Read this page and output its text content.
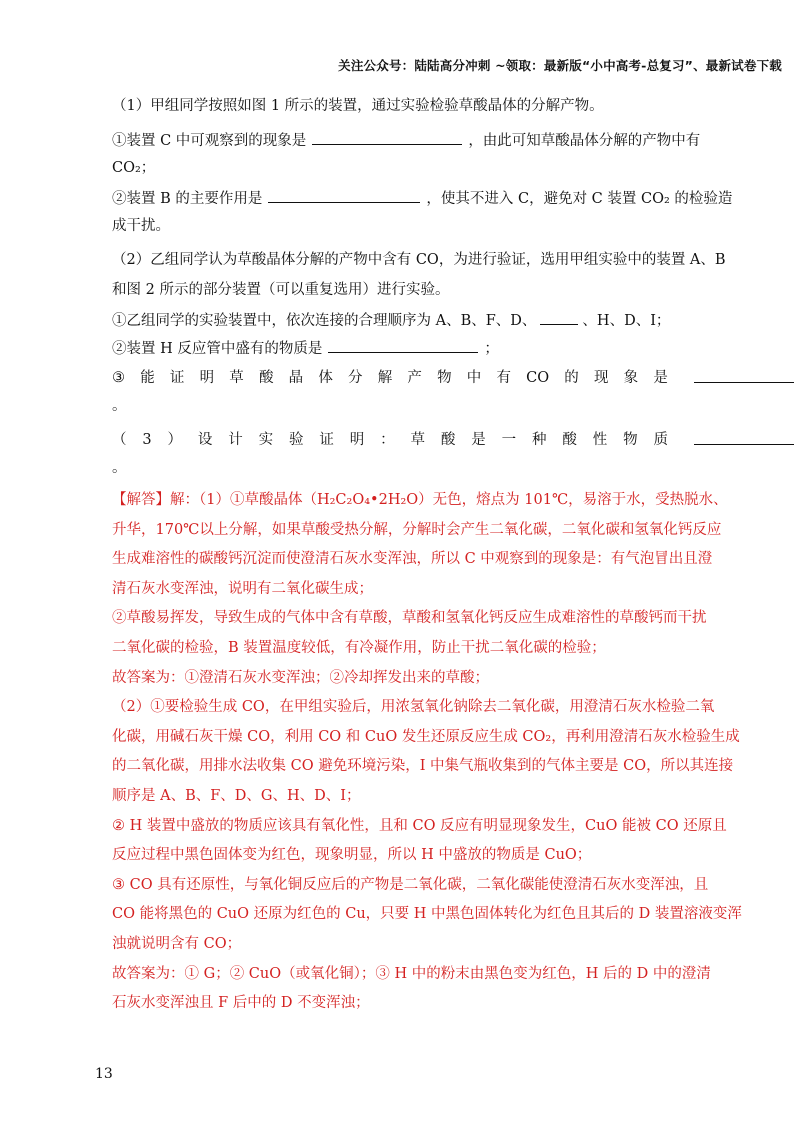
关注公众号：陆陆高分冲刺 ~领取：最新版“小中高考-总复习”、最新试卷下载
（1）甲组同学按照如图 1 所示的装置，通过实验检验草酸晶体的分解产物。
①装置 C 中可观察到的现象是	，由此可知草酸晶体分解的产物中有
CO₂；
②装置 B 的主要作用是	，使其不进入 C，避免对 C 装置 CO₂ 的检验造
成干扰。
（2）乙组同学认为草酸晶体分解的产物中含有 CO，为进行验证，选用甲组实验中的装置 A、B
和图 2 所示的部分装置（可以重复选用）进行实验。
①乙组同学的实验装置中，依次连接的合理顺序为 A、B、F、D、	、H、D、I；
②装置 H 反应管中盛有的物质是	；
③ 能 证 明 草 酸 晶 体 分 解 产 物 中 有 CO 的 现 象 是
。
（ 3 ） 设 计 实 验 证 明 ： 草 酸 是 一 种 酸 性 物 质
。
【解答】解：（1）①草酸晶体（H₂C₂O₄•2H₂O）无色，熔点为 101℃，易溶于水，受热脱水、
升华，170℃以上分解，如果草酸受热分解，分解时会产生二氧化碳，二氧化碳和氢氧化钙反应
生成难溶性的碳酸钙沉淀而使澄清石灰水变浑浊，所以 C 中观察到的现象是：有气泡冒出且澄
清石灰水变浑浊，说明有二氧化碳生成；
②草酸易挥发，导致生成的气体中含有草酸，草酸和氢氧化钙反应生成难溶性的草酸钙而干扰
二氧化碳的检验，B 装置温度较低，有冷凝作用，防止干扰二氧化碳的检验；
故答案为：①澄清石灰水变浑浊；②冷却挥发出来的草酸；
（2）①要检验生成 CO，在甲组实验后，用浓氢氧化钠除去二氧化碳，用澄清石灰水检验二氧
化碳，用碱石灰干燥 CO，利用 CO 和 CuO 发生还原反应生成 CO₂，再利用澄清石灰水检验生成
的二氧化碳，用排水法收集 CO 避免环境污染，I 中集气瓶收集到的气体主要是 CO，所以其连接
顺序是 A、B、F、D、G、H、D、I；
② H 装置中盛放的物质应该具有氧化性，且和 CO 反应有明显现象发生，CuO 能被 CO 还原且
反应过程中黑色固体变为红色，现象明显，所以 H 中盛放的物质是 CuO；
③ CO 具有还原性，与氧化铜反应后的产物是二氧化碳，二氧化碳能使澄清石灰水变浑浊，且
CO 能将黑色的 CuO 还原为红色的 Cu，只要 H 中黑色固体转化为红色且其后的 D 装置溶液变浑
浊就说明含有 CO；
故答案为：① G；② CuO（或氧化铜）；③ H 中的粉末由黑色变为红色，H 后的 D 中的澄清
石灰水变浑浊且 F 后中的 D 不变浑浊；
13
